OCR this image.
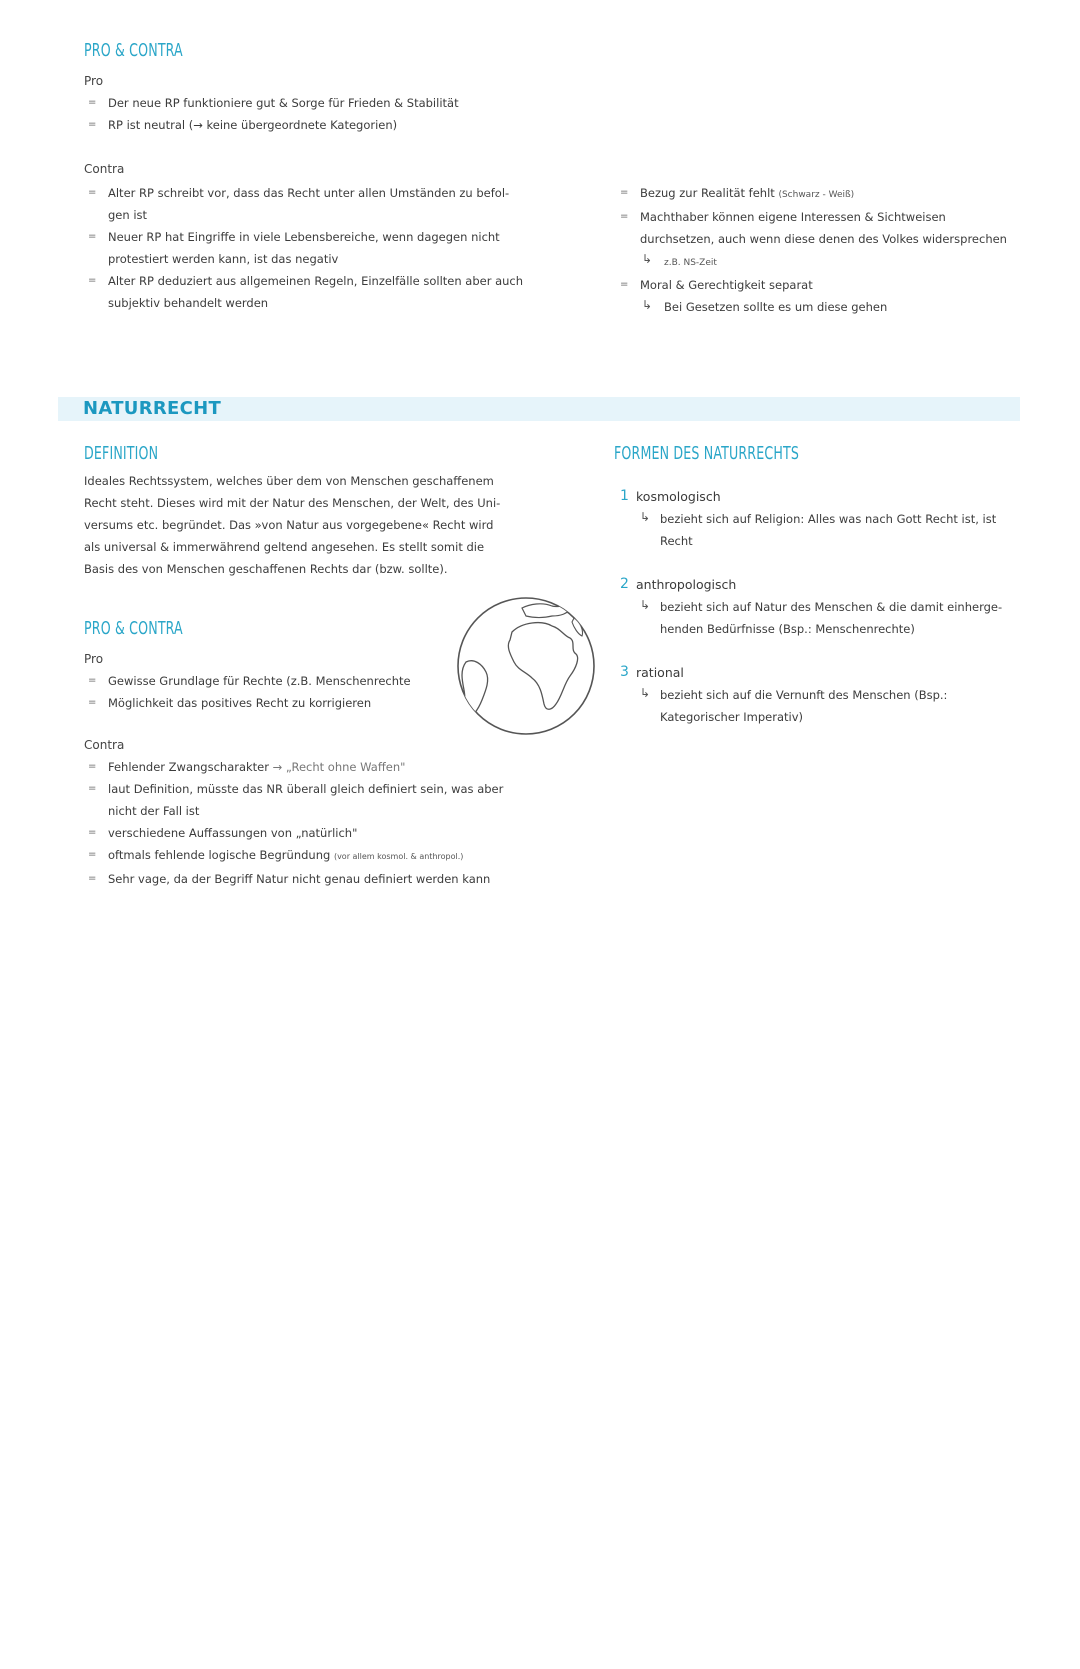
PRO & CONTRA
Pro
= Der neue RP funktioniere gut & Sorge für Frieden & Stabilität
= RP ist neutral (→ keine übergeordnete Kategorien)
Contra
= Alter RP schreibt vor, dass das Recht unter allen Umständen zu befol- gen ist
= Neuer RP hat Eingriffe in viele Lebensbereiche, wenn dagegen nicht protestiert werden kann, ist das negativ
= Alter RP deduziert aus allgemeinen Regeln, Einzelfälle sollten aber auch subjektiv behandelt werden
= Bezug zur Realität fehlt (Schwarz - Weiß)
= Machthaber können eigene Interessen & Sichtweisen durchsetzen, auch wenn diese denen des Volkes widersprechen
↳ z.B. NS-Zeit
= Moral & Gerechtigkeit separat
↳ Bei Gesetzen sollte es um diese gehen
NATURRECHT
DEFINITION
Ideales Rechtssystem, welches über dem von Menschen geschaffenem
Recht steht. Dieses wird mit der Natur des Menschen, der Welt, des Uni-
versums etc. begründet. Das »von Natur aus vorgegebene« Recht wird
als universal & immerwährend geltend angesehen. Es stellt somit die
Basis des von Menschen geschaffenen Rechts dar (bzw. sollte).
PRO & CONTRA
Pro
= Gewisse Grundlage für Rechte (z.B. Menschenrechte
= Möglichkeit das positives Recht zu korrigieren
Contra
= Fehlender Zwangscharakter → „Recht ohne Waffen"
= laut Definition, müsste das NR überall gleich definiert sein, was aber nicht der Fall ist
= verschiedene Auffassungen von „natürlich"
= oftmals fehlende logische Begründung (vor allem kosmol. & anthropol.)
= Sehr vage, da der Begriff Natur nicht genau definiert werden kann
FORMEN DES NATURRECHTS
1 kosmologisch
↳ bezieht sich auf Religion: Alles was nach Gott Recht ist, ist Recht
2 anthropologisch
↳ bezieht sich auf Natur des Menschen & die damit einherge- henden Bedürfnisse (Bsp.: Menschenrechte)
3 rational
↳ bezieht sich auf die Vernunft des Menschen (Bsp.: Kategorischer Imperativ)
